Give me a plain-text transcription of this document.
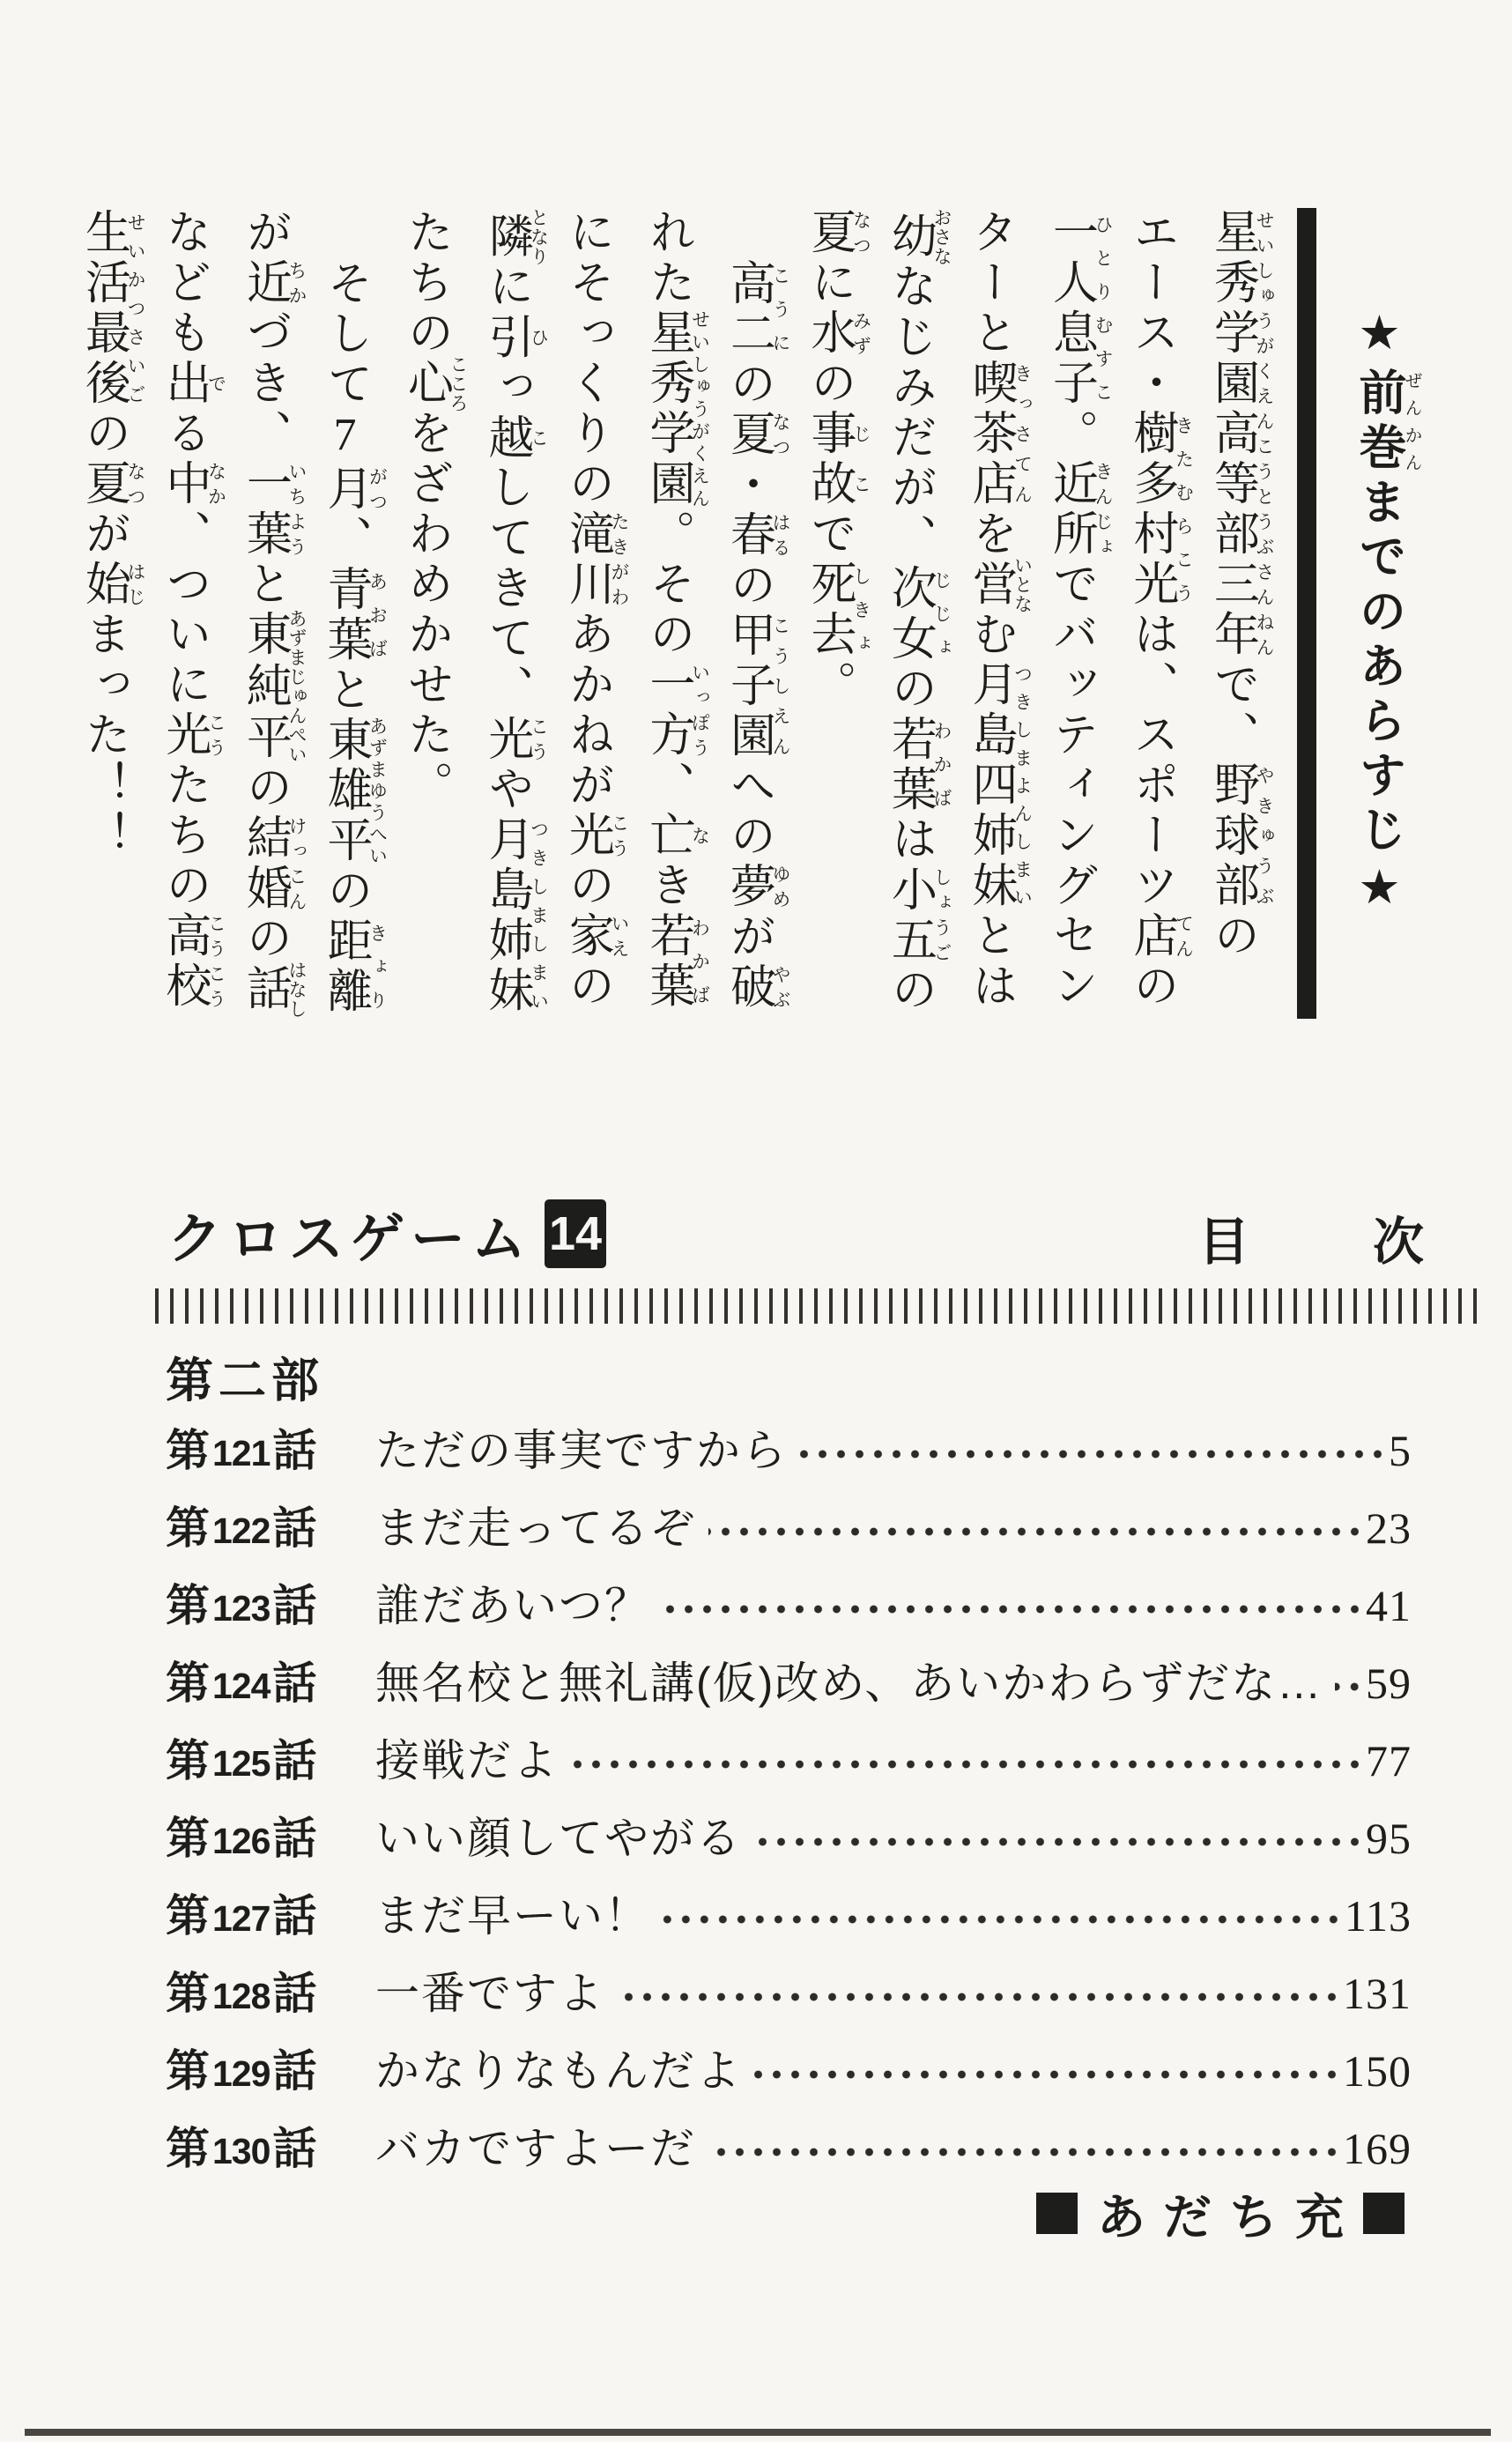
★前巻ぜんかんまでのあらすじ★
星秀学園高等部せいしゅうがくえんこうとうぶ三年さんねんで、野球部やきゅうぶの
エース・樹多村光きたむらこうは、スポーツ店てんの
一人息子ひとりむすこ。近所きんじょでバッティングセン
ターと喫茶店きっさてんを営いとなむ月島四姉妹つきしまよんしまいとは
幼おさななじみだが、次女じじょの若葉わかばは小五しょうごの
夏なつに水みずの事故じこで死去しきょ。
高二こうにの夏なつ・春はるの甲子園こうしえんへの夢ゆめが破やぶ
れた星秀学園せいしゅうがくえん。その一方いっぽう、亡なき若葉わかば
にそっくりの滝川たきがわあかねが光こうの家いえの
隣となりに引ひっ越こしてきて、光こうや月島姉妹つきしましまい
たちの心こころをざわめかせた。
そして7月がつ、青葉あおばと東雄平あずまゆうへいの距離きょり
が近ちかづき、一葉いちようと東純平あずまじゅんぺいの結婚けっこんの話はなし
なども出でる中なか、ついに光こうたちの高校こうこう
生活最後せいかつさいごの夏なつが始はじまった！！
クロスゲーム 14	目 次
第二部
第 121 話 ただの事実ですから	5
第 122 話 まだ走ってるぞ	23
第 123 話 誰だあいつ？	41
第 124 話 無名校と無礼講(仮)改め、あいかわらずだな… 59
第 125 話 接戦だよ	77
第 126 話 いい顔してやがる	95
第 127 話 まだ早ーい！	113
第 128 話 一番ですよ	131
第 129 話 かなりなもんだよ	150
第 130 話 バカですよーだ	169
あだち充
